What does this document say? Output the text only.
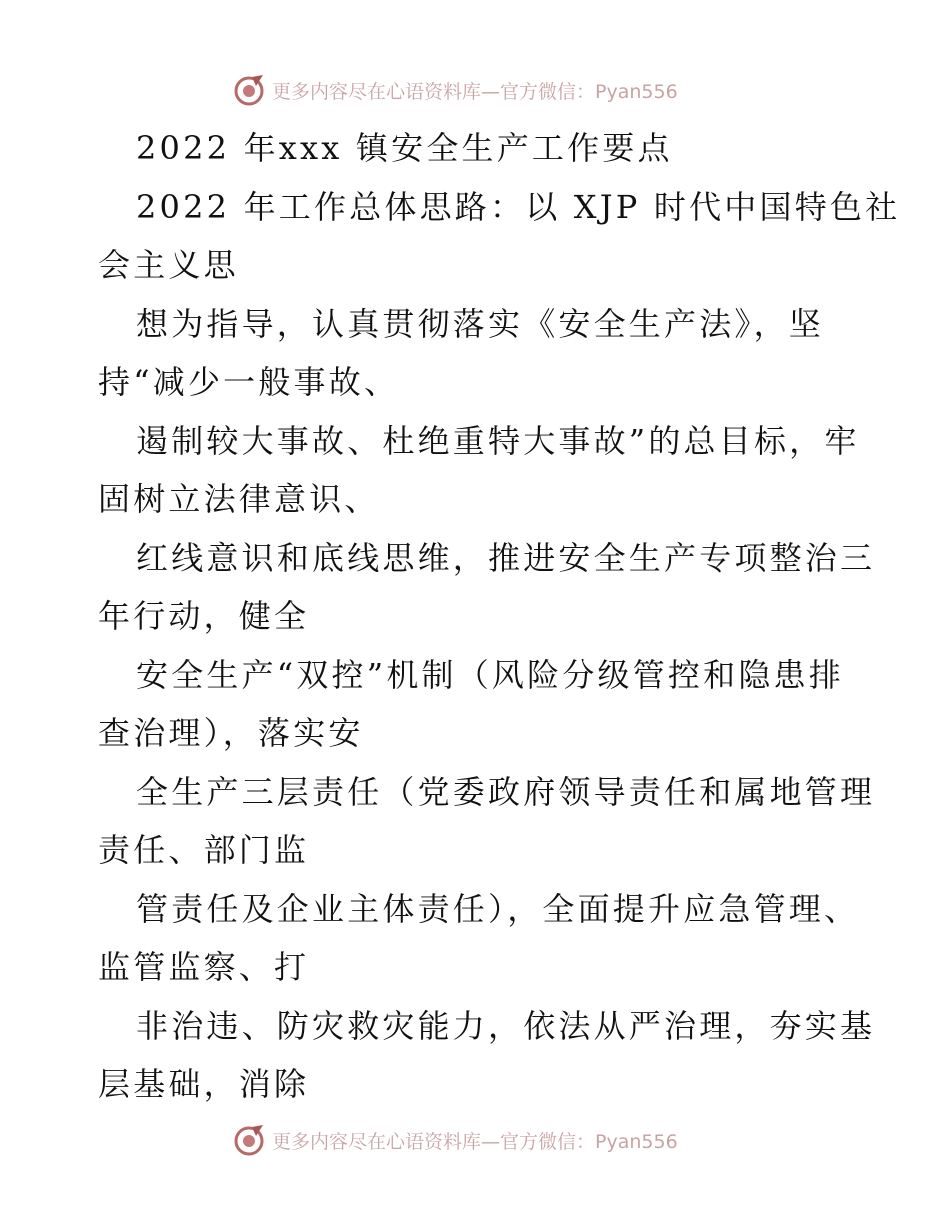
更多内容尽在心语资料库—官方微信：Pyan556
2022 年xxx 镇安全生产工作要点
2022 年工作总体思路：以 XJP 时代中国特色社
会主义思
想为指导，认真贯彻落实《安全生产法》，坚
持“减少一般事故、
遏制较大事故、杜绝重特大事故”的总目标，牢
固树立法律意识、
红线意识和底线思维，推进安全生产专项整治三
年行动，健全
安全生产“双控”机制（风险分级管控和隐患排
查治理），落实安
全生产三层责任（党委政府领导责任和属地管理
责任、部门监
管责任及企业主体责任），全面提升应急管理、
监管监察、打
非治违、防灾救灾能力，依法从严治理，夯实基
层基础，消除
更多内容尽在心语资料库—官方微信：Pyan556
